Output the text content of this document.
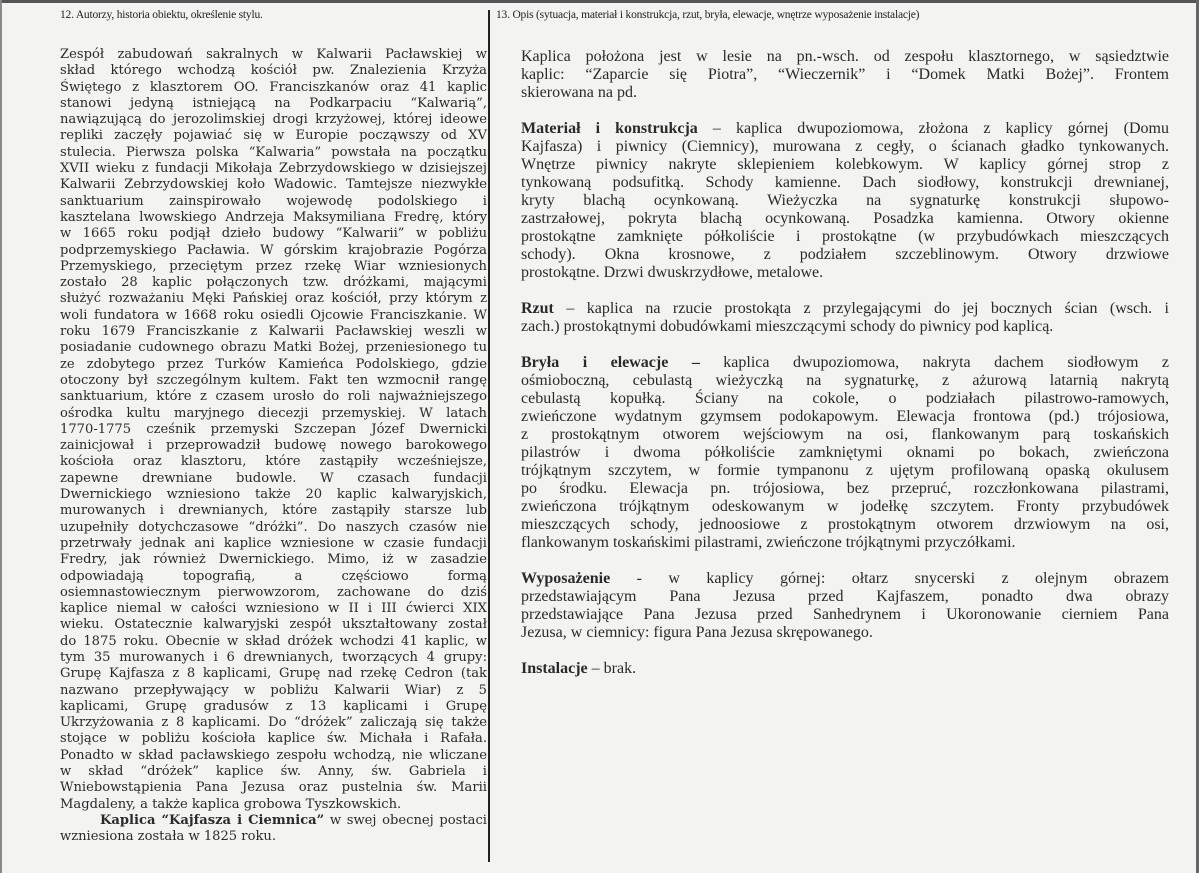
12. Autorzy, historia obiektu, określenie stylu.	13. Opis (sytuacja, materiał i konstrukcja, rzut, bryła, elewacje, wnętrze wyposażenie instalacje)
Zespół zabudowań sakralnych w Kalwarii Pacławskiej w
skład którego wchodzą kościół pw. Znalezienia Krzyża
Świętego z klasztorem OO. Franciszkanów oraz 41 kaplic
stanowi jedyną istniejącą na Podkarpaciu “Kalwarią”,
nawiązującą do jerozolimskiej drogi krzyżowej, której ideowe
repliki zaczęły pojawiać się w Europie począwszy od XV
stulecia. Pierwsza polska “Kalwaria” powstała na początku
XVII wieku z fundacji Mikołaja Zebrzydowskiego w dzisiejszej
Kalwarii Zebrzydowskiej koło Wadowic. Tamtejsze niezwykłe
sanktuarium zainspirowało wojewodę podolskiego i
kasztelana lwowskiego Andrzeja Maksymiliana Fredrę, który
w 1665 roku podjął dzieło budowy “Kalwarii” w pobliżu
podprzemyskiego Pacławia. W górskim krajobrazie Pogórza
Przemyskiego, przeciętym przez rzekę Wiar wzniesionych
zostało 28 kaplic połączonych tzw. dróżkami, mającymi
służyć rozważaniu Męki Pańskiej oraz kościół, przy którym z
woli fundatora w 1668 roku osiedli Ojcowie Franciszkanie. W
roku 1679 Franciszkanie z Kalwarii Pacławskiej weszli w
posiadanie cudownego obrazu Matki Bożej, przeniesionego tu
ze zdobytego przez Turków Kamieńca Podolskiego, gdzie
otoczony był szczególnym kultem. Fakt ten wzmocnił rangę
sanktuarium, które z czasem urosło do roli najważniejszego
ośrodka kultu maryjnego diecezji przemyskiej. W latach
1770-1775 cześnik przemyski Szczepan Józef Dwernicki
zainicjował i przeprowadził budowę nowego barokowego
kościoła oraz klasztoru, które zastąpiły wcześniejsze,
zapewne drewniane budowle. W czasach fundacji
Dwernickiego wzniesiono także 20 kaplic kalwaryjskich,
murowanych i drewnianych, które zastąpiły starsze lub
uzupełniły dotychczasowe “dróżki”. Do naszych czasów nie
przetrwały jednak ani kaplice wzniesione w czasie fundacji
Fredry, jak również Dwernickiego. Mimo, iż w zasadzie
odpowiadają topografią, a częściowo formą
osiemnastowiecznym pierwowzorom, zachowane do dziś
kaplice niemal w całości wzniesiono w II i III ćwierci XIX
wieku. Ostatecznie kalwaryjski zespół ukształtowany został
do 1875 roku. Obecnie w skład dróżek wchodzi 41 kaplic, w
tym 35 murowanych i 6 drewnianych, tworzących 4 grupy:
Grupę Kajfasza z 8 kaplicami, Grupę nad rzekę Cedron (tak
nazwano przepływający w pobliżu Kalwarii Wiar) z 5
kaplicami, Grupę gradusów z 13 kaplicami i Grupę
Ukrzyżowania z 8 kaplicami. Do “dróżek” zaliczają się także
stojące w pobliżu kościoła kaplice św. Michała i Rafała.
Ponadto w skład pacławskiego zespołu wchodzą, nie wliczane
w skład “dróżek” kaplice św. Anny, św. Gabriela i
Wniebowstąpienia Pana Jezusa oraz pustelnia św. Marii
Magdaleny, a także kaplica grobowa Tyszkowskich.
Kaplica “Kajfasza i Ciemnica” w swej obecnej postaci
wzniesiona została w 1825 roku.
Kaplica położona jest w lesie na pn.-wsch. od zespołu klasztornego, w sąsiedztwie
kaplic: “Zaparcie się Piotra”, “Wieczernik” i “Domek Matki Bożej”. Frontem
skierowana na pd.
Materiał i konstrukcja – kaplica dwupoziomowa, złożona z kaplicy górnej (Domu
Kajfasza) i piwnicy (Ciemnicy), murowana z cegły, o ścianach gładko tynkowanych.
Wnętrze piwnicy nakryte sklepieniem kolebkowym. W kaplicy górnej strop z
tynkowaną podsufitką. Schody kamienne. Dach siodłowy, konstrukcji drewnianej,
kryty blachą ocynkowaną. Wieżyczka na sygnaturkę konstrukcji słupowo-
zastrzałowej, pokryta blachą ocynkowaną. Posadzka kamienna. Otwory okienne
prostokątne zamknięte półkoliście i prostokątne (w przybudówkach mieszczących
schody). Okna krosnowe, z podziałem szczeblinowym. Otwory drzwiowe
prostokątne. Drzwi dwuskrzydłowe, metalowe.
Rzut – kaplica na rzucie prostokąta z przylegającymi do jej bocznych ścian (wsch. i
zach.) prostokątnymi dobudówkami mieszczącymi schody do piwnicy pod kaplicą.
Bryła i elewacje – kaplica dwupoziomowa, nakryta dachem siodłowym z
ośmioboczną, cebulastą wieżyczką na sygnaturkę, z ażurową latarnią nakrytą
cebulastą kopułką. Ściany na cokole, o podziałach pilastrowo-ramowych,
zwieńczone wydatnym gzymsem podokapowym. Elewacja frontowa (pd.) trójosiowa,
z prostokątnym otworem wejściowym na osi, flankowanym parą toskańskich
pilastrów i dwoma półkoliście zamkniętymi oknami po bokach, zwieńczona
trójkątnym szczytem, w formie tympanonu z ujętym profilowaną opaską okulusem
po środku. Elewacja pn. trójosiowa, bez przepruć, rozczłonkowana pilastrami,
zwieńczona trójkątnym odeskowanym w jodełkę szczytem. Fronty przybudówek
mieszczących schody, jednoosiowe z prostokątnym otworem drzwiowym na osi,
flankowanym toskańskimi pilastrami, zwieńczone trójkątnymi przyczółkami.
Wyposażenie - w kaplicy górnej: ołtarz snycerski z olejnym obrazem
przedstawiającym Pana Jezusa przed Kajfaszem, ponadto dwa obrazy
przedstawiające Pana Jezusa przed Sanhedrynem i Ukoronowanie cierniem Pana
Jezusa, w ciemnicy: figura Pana Jezusa skrępowanego.
Instalacje – brak.
